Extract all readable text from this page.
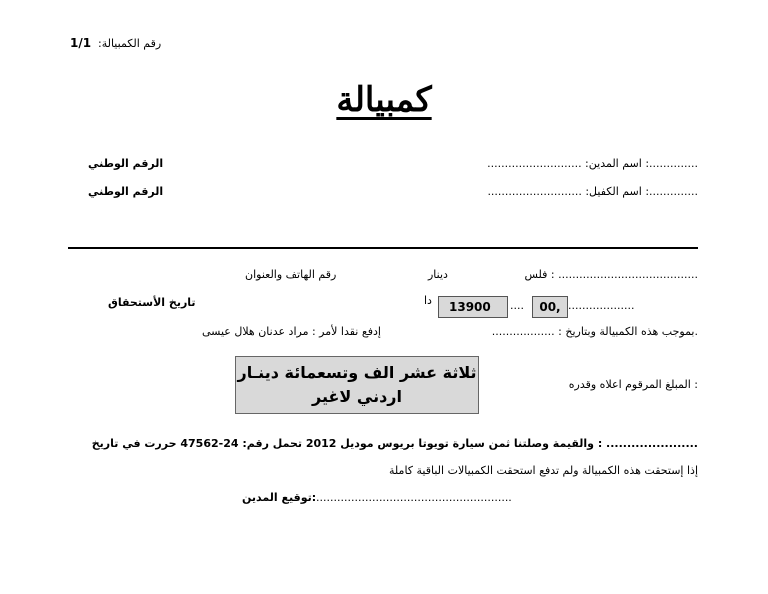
1/1 رقم الكمبيالة:
كمبيالة
..............: اسم المدين: ...........................
الرقم الوطني
..............: اسم الكفيل: ...........................
الرقم الوطني
........................................ : فلس
دينار
رقم الهاتف والعنوان
...................
00,
....
13900
دا
تاريخ الأستحقاق
.بموجب هذه الكمبيالة وبتاريخ : ..................
إدفع نقدا لأمر : مراد عدنان هلال عيسى
ثلاثة عشر الف وتسعمائة دينـار اردني لاغير
: المبلغ المرقوم اعلاه وقدره
...................... : والقيمة وصلتنا ثمن سيارة تويوتا بريوس موديل 2012 تحمل رقم: 24-47562 حررت في تاريخ
إذا إستحقت هذه الكمبيالة ولم تدفع استحقت الكمبيالات الباقية كاملة
........................................................
:توقيع المدين
